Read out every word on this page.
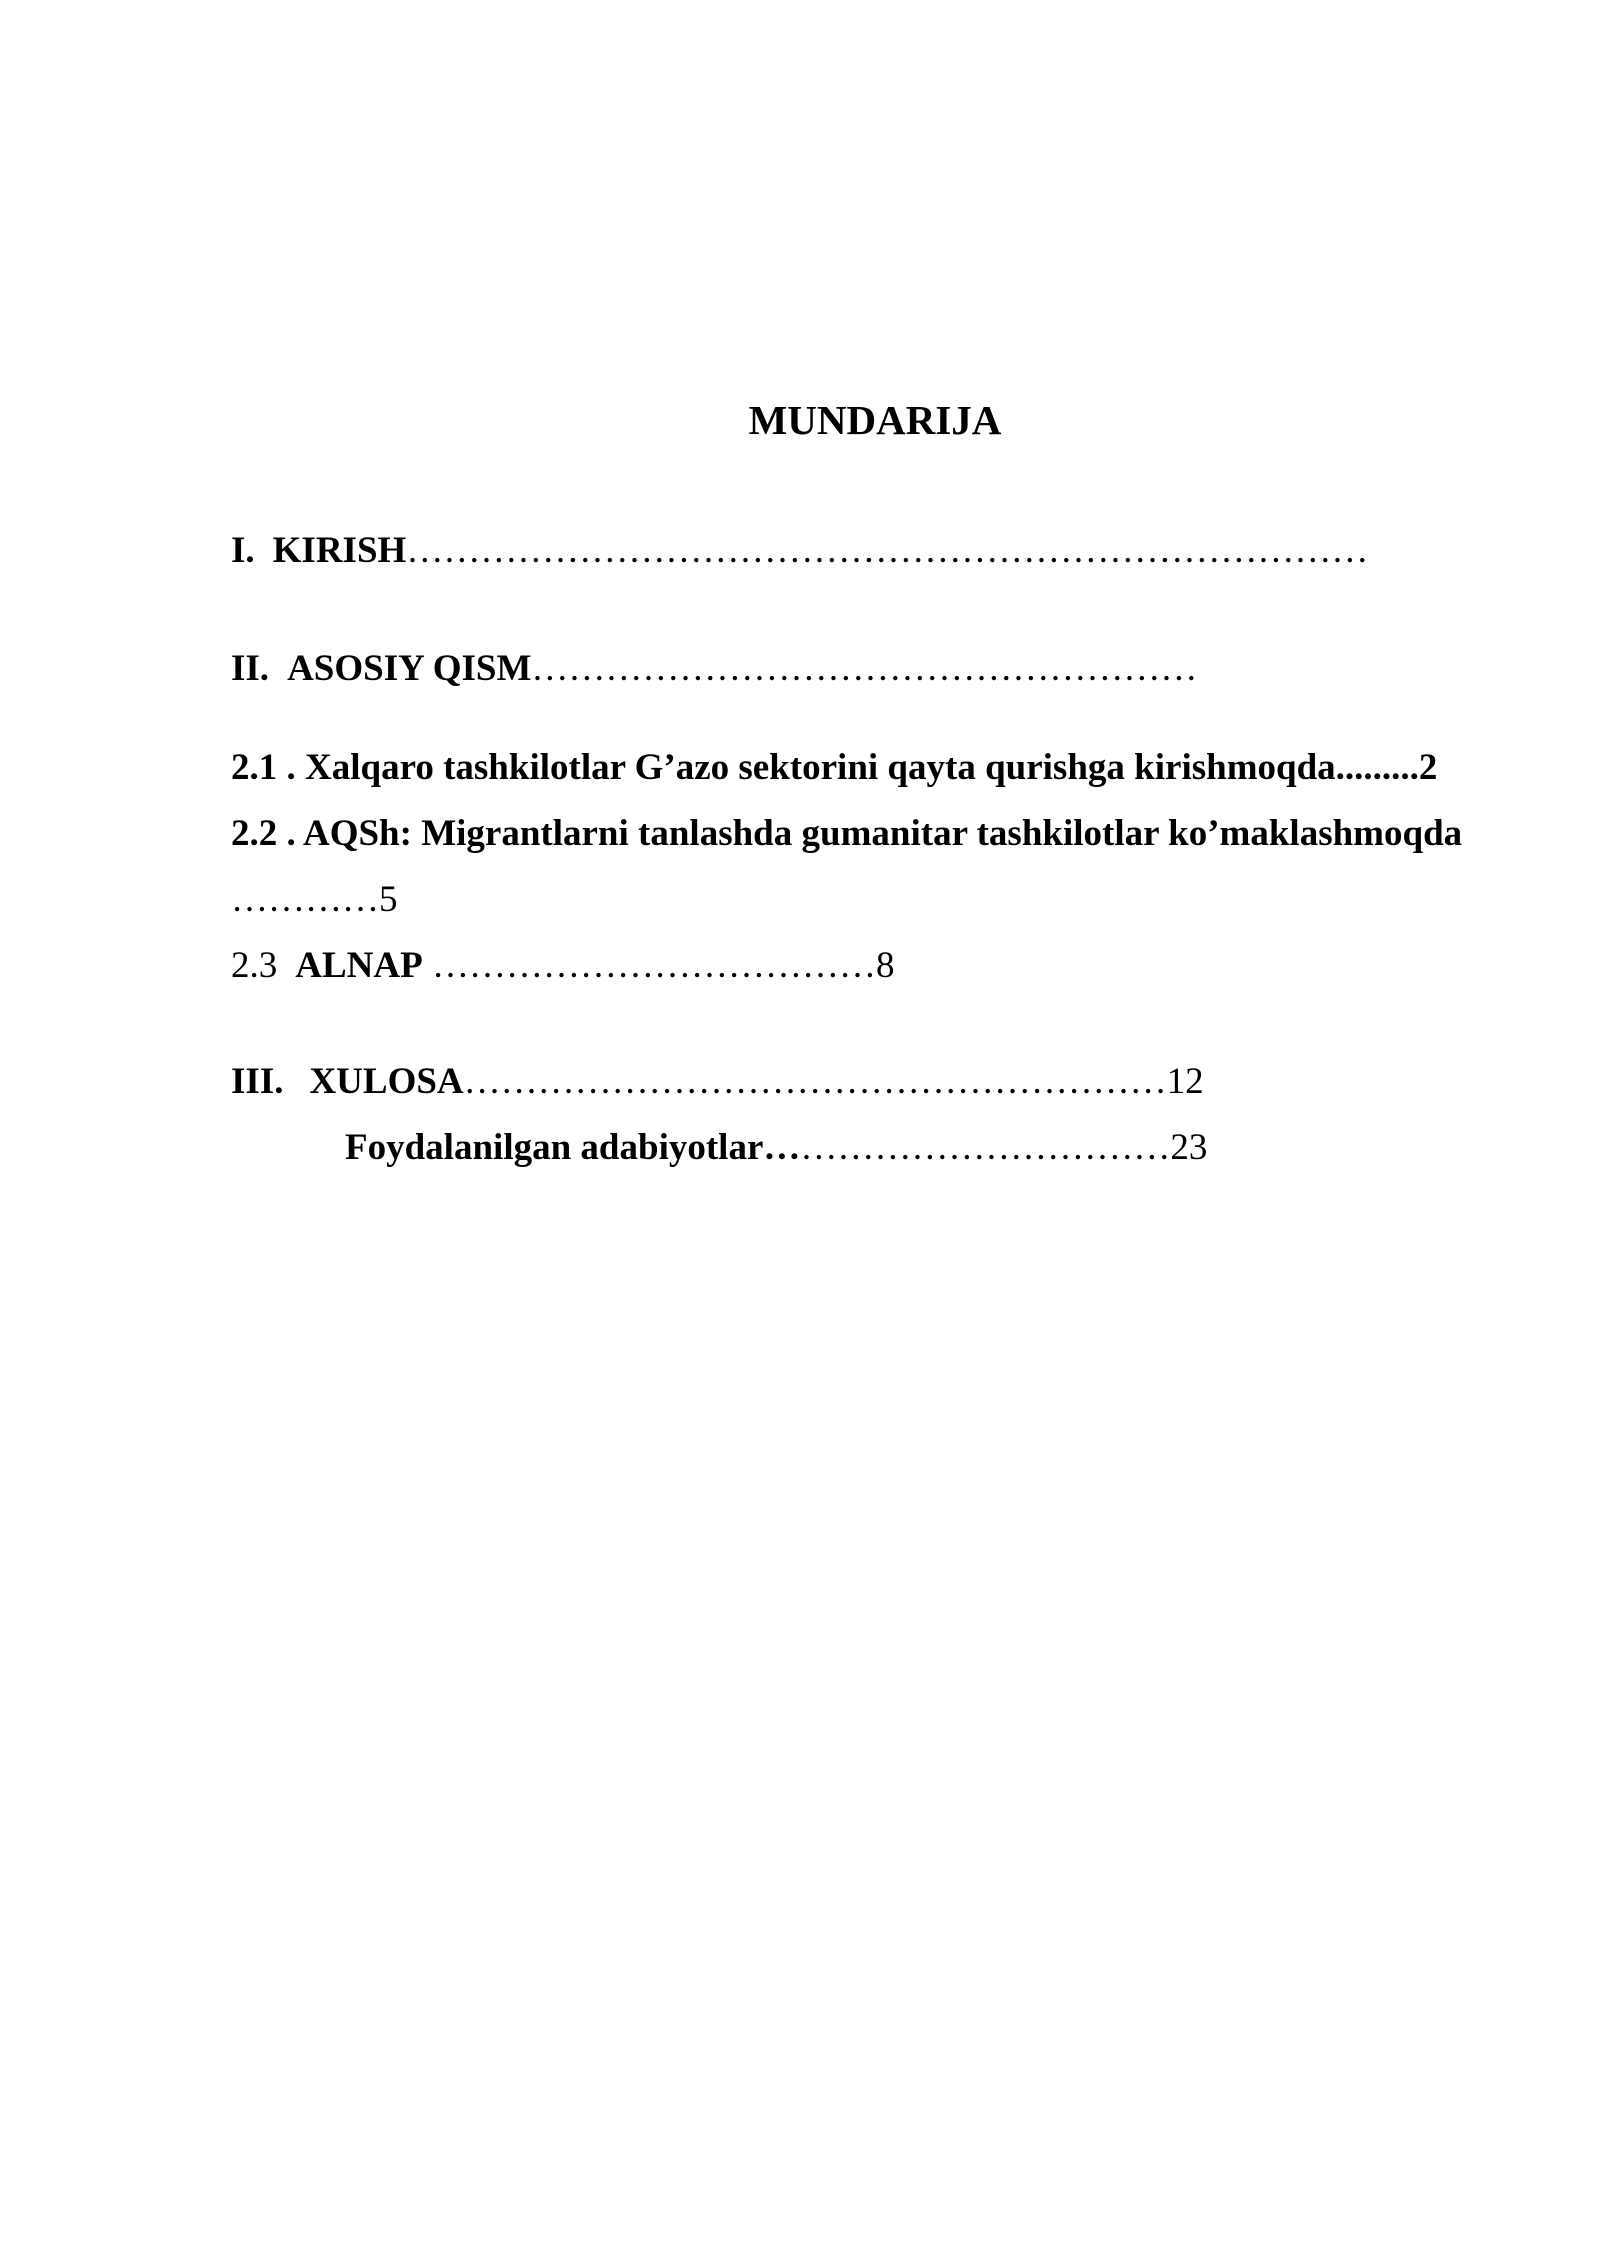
MUNDARIJA
I. KIRISH……………………………………………………………………
II. ASOSIY QISM………………………………………………
2.1 . Xalqaro tashkilotlar G’azo sektorini qayta qurishga kirishmoqda.........2
2.2 . AQSh: Migrantlarni tanlashda gumanitar tashkilotlar ko’maklashmoqda
…………5
2.3 ALNAP ………………………………8
III. XULOSA…………………………………………………12
Foydalanilgan adabiyotlar……………………………23
